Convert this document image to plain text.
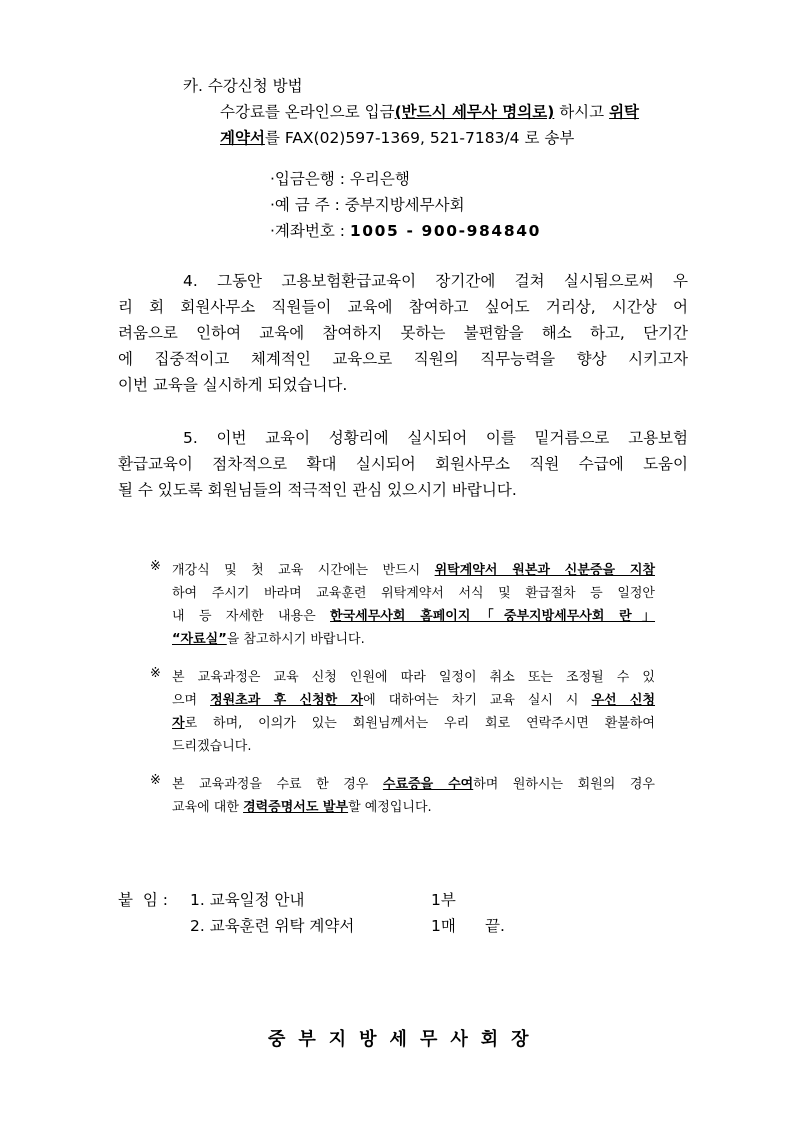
카. 수강신청 방법
수강료를 온라인으로 입금(반드시 세무사 명의로) 하시고 위탁
계약서를 FAX(02)597-1369, 521-7183/4 로 송부
·입금은행 : 우리은행
·예 금 주 : 중부지방세무사회
·계좌번호 : 1005 - 900-984840
4. 그동안 고용보험환급교육이 장기간에 걸쳐 실시됨으로써 우
리 회 회원사무소 직원들이 교육에 참여하고 싶어도 거리상, 시간상 어
려움으로 인하여 교육에 참여하지 못하는 불편함을 해소 하고, 단기간
에 집중적이고 체계적인 교육으로 직원의 직무능력을 향상 시키고자
이번 교육을 실시하게 되었습니다.
5. 이번 교육이 성황리에 실시되어 이를 밑거름으로 고용보험
환급교육이 점차적으로 확대 실시되어 회원사무소 직원 수급에 도움이
될 수 있도록 회원님들의 적극적인 관심 있으시기 바랍니다.
※ 개강식 및 첫 교육 시간에는 반드시 위탁계약서 원본과 신분증을 지참
하여 주시기 바라며 교육훈련 위탁계약서 서식 및 환급절차 등 일정안
내 등 자세한 내용은 한국세무사회 홈페이지「중부지방세무사회 란」
“자료실”을 참고하시기 바랍니다.
※ 본 교육과정은 교육 신청 인원에 따라 일정이 취소 또는 조정될 수 있
으며 정원초과 후 신청한 자에 대하여는 차기 교육 실시 시 우선 신청
자로 하며, 이의가 있는 회원님께서는 우리 회로 연락주시면 환불하여
드리겠습니다.
※ 본 교육과정을 수료 한 경우 수료증을 수여하며 원하시는 회원의 경우
교육에 대한 경력증명서도 발부할 예정입니다.
붙  임 : 1. 교육일정 안내	1부
2. 교육훈련 위탁 계약서	1매 끝.
중부지방세무사회장
